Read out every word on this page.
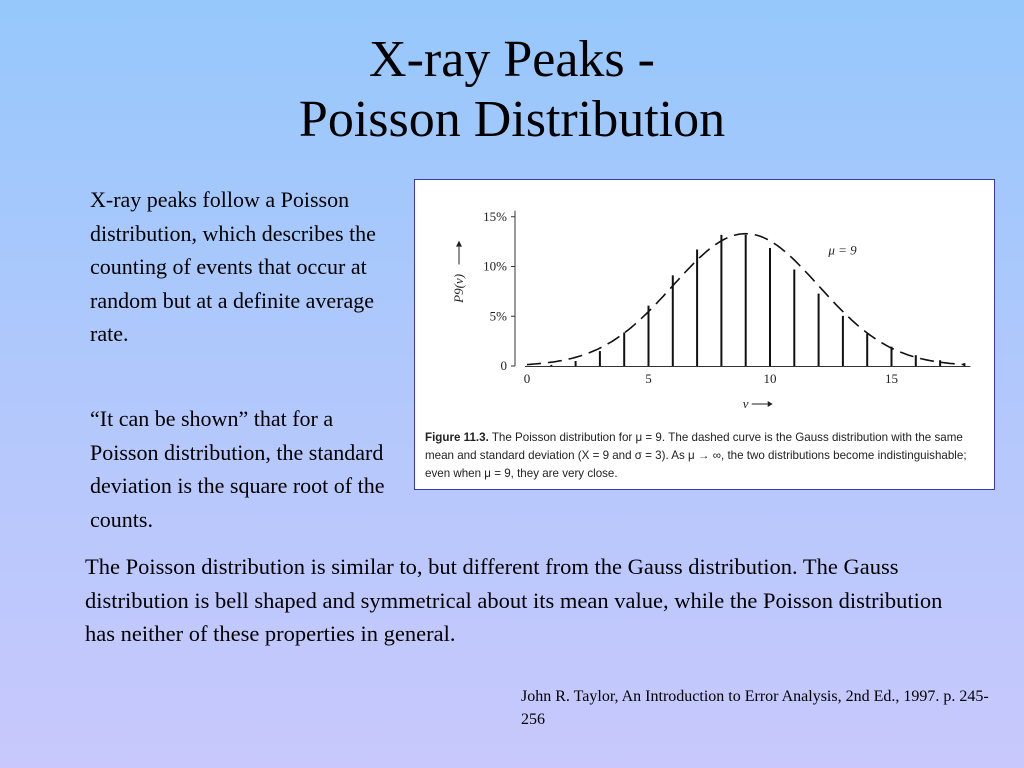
X-ray Peaks -
Poisson Distribution
X-ray peaks follow a Poisson distribution, which describes the counting of events that occur at random but at a definite average rate.
“It can be shown” that for a Poisson distribution, the standard deviation is the square root of the counts.
0
5%
10%
15%
0	5	10	15
μ = 9
ν
P9(ν)
Figure 11.3. The Poisson distribution for μ = 9. The dashed curve is the Gauss distribution with the same mean and standard deviation (X = 9 and σ = 3). As μ → ∞, the two distributions become indistinguishable; even when μ = 9, they are very close.
The Poisson distribution is similar to, but different from the Gauss distribution. The Gauss distribution is bell shaped and symmetrical about its mean value, while the Poisson distribution has neither of these properties in general.
John R. Taylor, An Introduction to Error Analysis, 2nd Ed., 1997. p. 245-256
